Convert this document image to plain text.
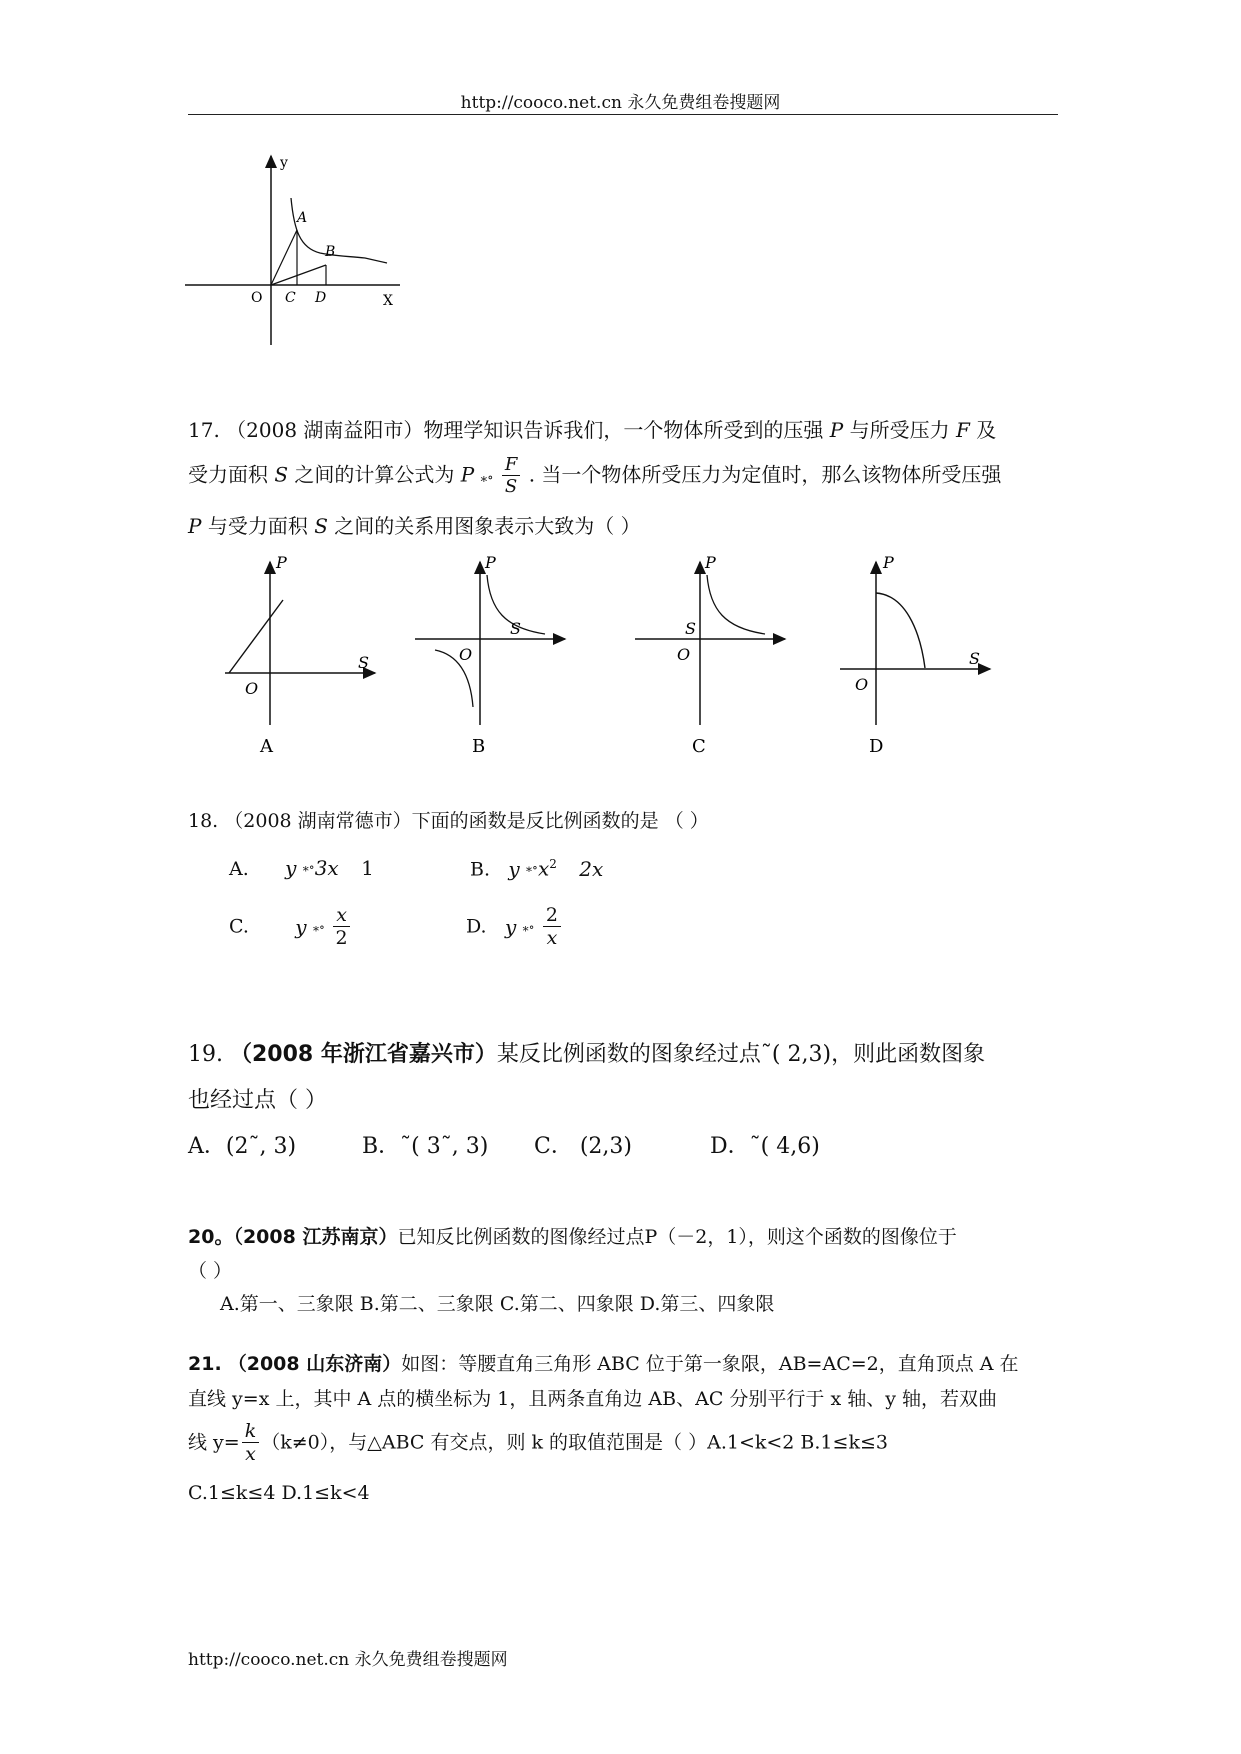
http://cooco.net.cn 永久免费组卷搜题网
y
A
B
O C D	X
17. （2008 湖南益阳市）物理学知识告诉我们，一个物体所受到的压强 P 与所受压力 F 及
受力面积 S 之间的计算公式为 P ⁎∘ $\frac{F}{S}$ . 当一个物体所受压力为定值时，那么该物体所受压强
P 与受力面积 S 之间的关系用图象表示大致为（ ）
P
S
O
A
P
S
O
B
P
S
O
C
P
S
O
D
18. （2008 湖南常德市）下面的函数是反比例函数的是 （ ）
A. y ⁎∘3x 1	B. y $^{⁎\circ}x^2$ 2x
C. y ⁎∘ $\frac{x}{2}$	D. y ⁎∘ $\frac{2}{x}$
19. （2008 年浙江省嘉兴市）某反比例函数的图象经过点˜( 2,3)，则此函数图象
也经过点（ ）
A．(2˜, 3)	B．˜( 3˜, 3) C． (2,3)	D．˜( 4,6)
20。（2008 江苏南京）已知反比例函数的图像经过点P（－2，1），则这个函数的图像位于
（ ）
A.第一、三象限 B.第二、三象限 C.第二、四象限 D.第三、四象限
21. （2008 山东济南）如图：等腰直角三角形 ABC 位于第一象限，AB=AC=2，直角顶点 A 在
直线 y=x 上，其中 A 点的横坐标为 1，且两条直角边 AB、AC 分别平行于 x 轴、y 轴，若双曲
线 $y= \frac{k}{x} (k\ne 0)$，与△ABC 有交点，则 k 的取值范围是（ ）A.1<k<2 B.1≤k≤3
C.1≤k≤4 D.1≤k<4
http://cooco.net.cn 永久免费组卷搜题网
